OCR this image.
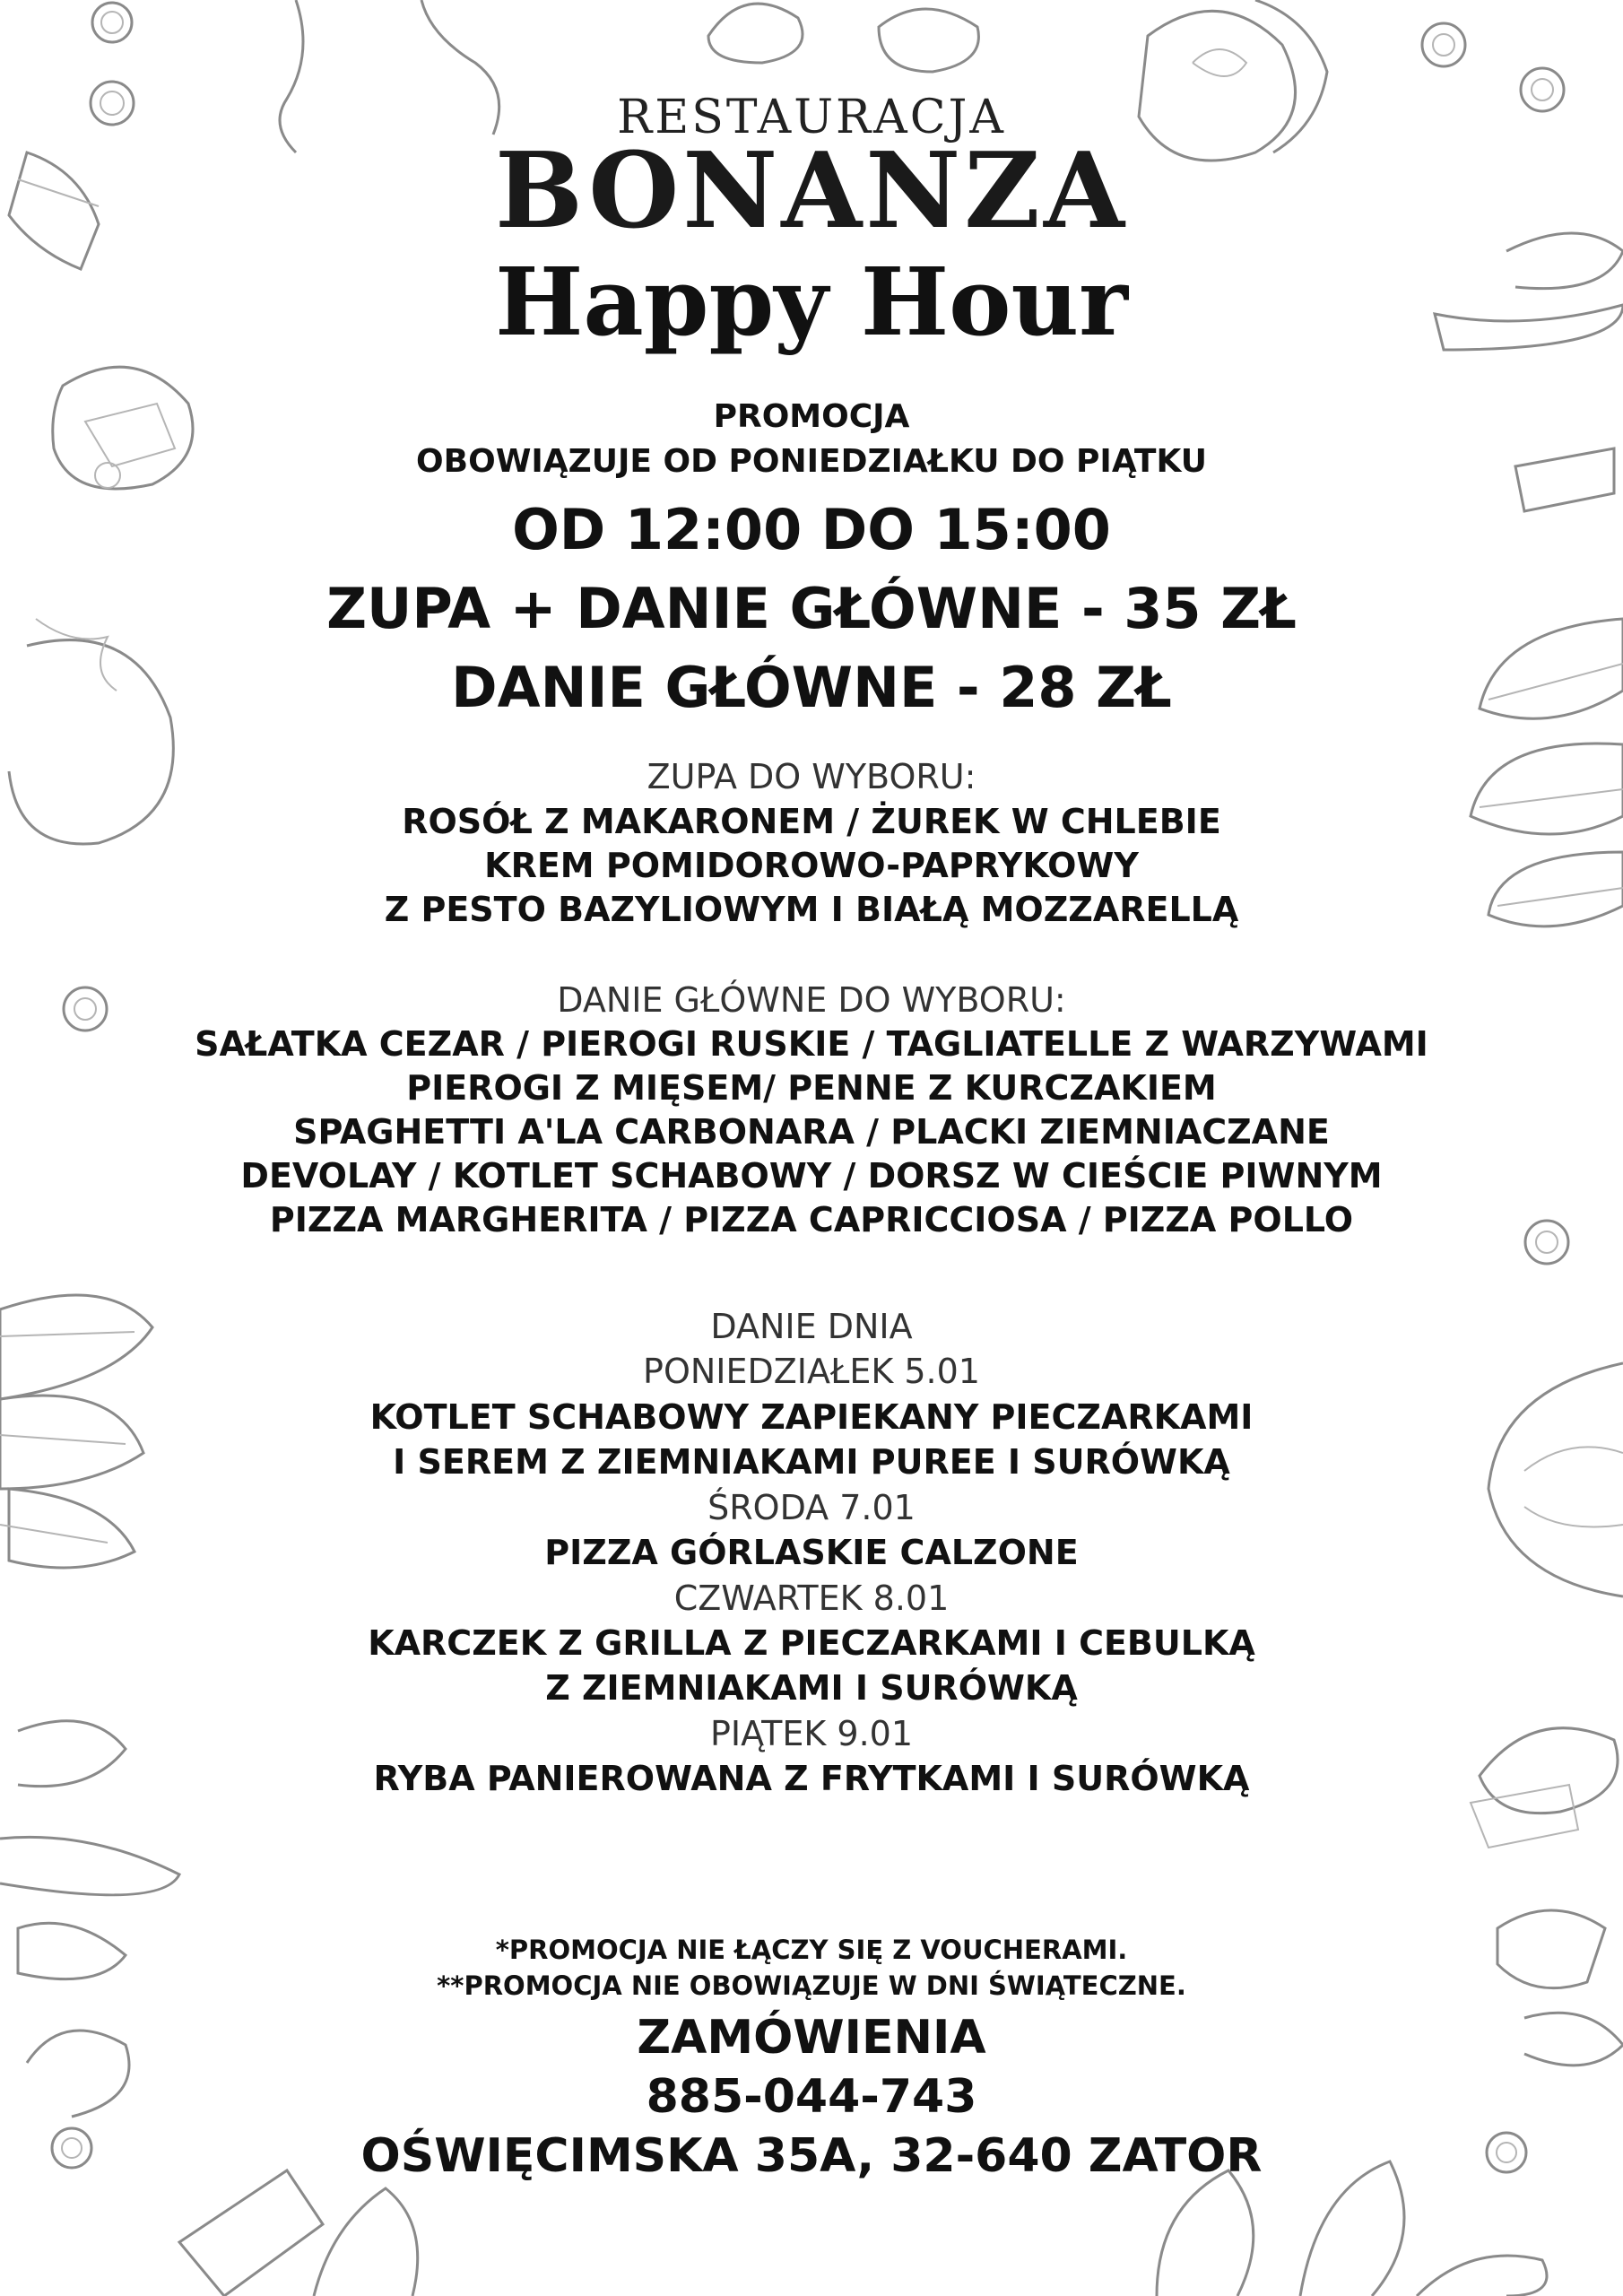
RESTAURACJA
BONANZA
Happy Hour
PROMOCJA
OBOWIĄZUJE OD PONIEDZIAŁKU DO PIĄTKU
OD 12:00 DO 15:00
ZUPA + DANIE GŁÓWNE - 35 ZŁ
DANIE GŁÓWNE - 28 ZŁ
ZUPA DO WYBORU:
ROSÓŁ Z MAKARONEM / ŻUREK W CHLEBIE
KREM POMIDOROWO-PAPRYKOWY
Z PESTO BAZYLIOWYM I BIAŁĄ MOZZARELLĄ
DANIE GŁÓWNE DO WYBORU:
SAŁATKA CEZAR / PIEROGI RUSKIE / TAGLIATELLE Z WARZYWAMI
PIEROGI Z MIĘSEM/ PENNE Z KURCZAKIEM
SPAGHETTI A'LA CARBONARA / PLACKI ZIEMNIACZANE
DEVOLAY / KOTLET SCHABOWY / DORSZ W CIEŚCIE PIWNYM
PIZZA MARGHERITA / PIZZA CAPRICCIOSA / PIZZA POLLO
DANIE DNIA
PONIEDZIAŁEK 5.01
KOTLET SCHABOWY ZAPIEKANY PIECZARKAMI
I SEREM Z ZIEMNIAKAMI PUREE I SURÓWKĄ
ŚRODA 7.01
PIZZA GÓRLASKIE CALZONE
CZWARTEK 8.01
KARCZEK Z GRILLA Z PIECZARKAMI I CEBULKĄ
Z ZIEMNIAKAMI I SURÓWKĄ
PIĄTEK 9.01
RYBA PANIEROWANA Z FRYTKAMI I SURÓWKĄ
*PROMOCJA NIE ŁĄCZY SIĘ Z VOUCHERAMI.
**PROMOCJA NIE OBOWIĄZUJE W DNI ŚWIĄTECZNE.
ZAMÓWIENIA
885-044-743
OŚWIĘCIMSKA 35A, 32-640 ZATOR
